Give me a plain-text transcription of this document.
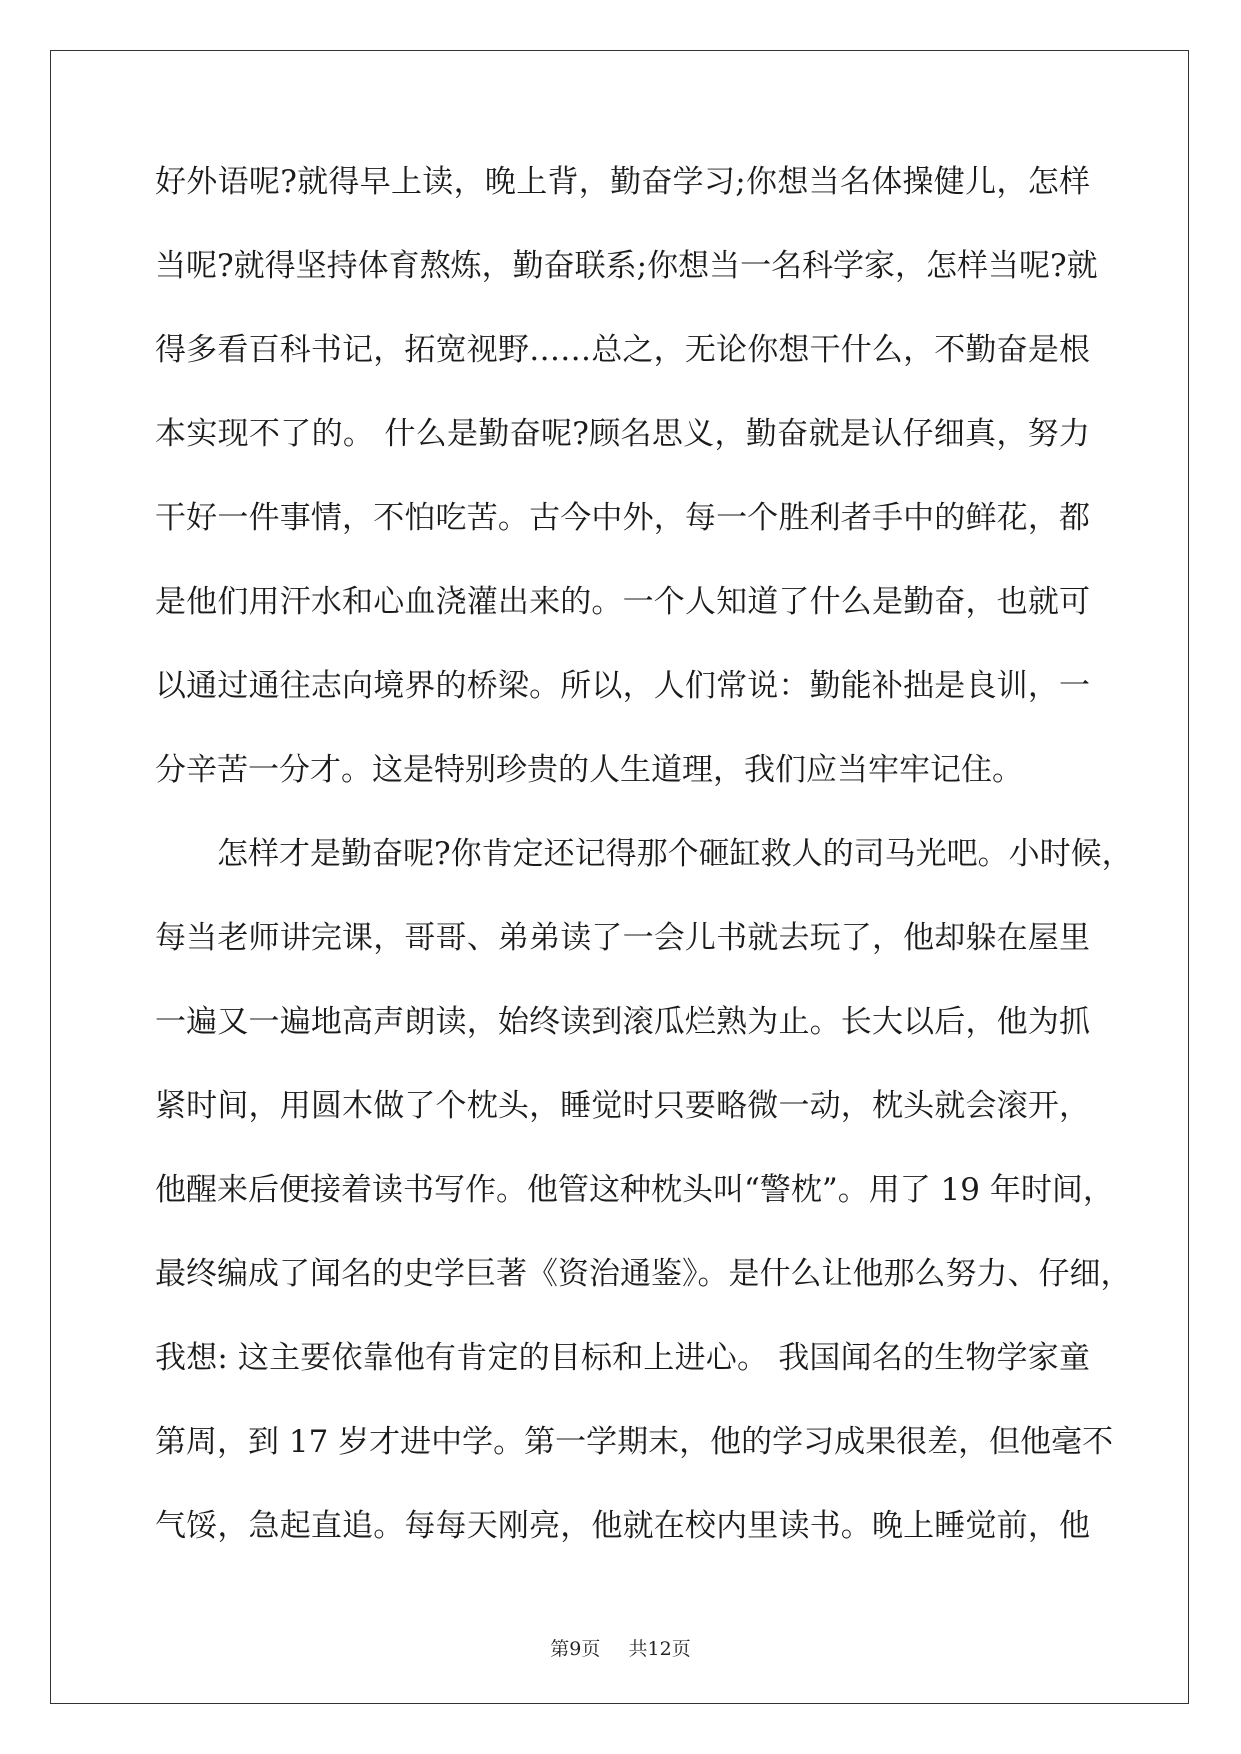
好外语呢?就得早上读，晚上背，勤奋学习;你想当名体操健儿，怎样
当呢?就得坚持体育熬炼，勤奋联系;你想当一名科学家，怎样当呢?就
得多看百科书记，拓宽视野……总之，无论你想干什么，不勤奋是根
本实现不了的。 什么是勤奋呢?顾名思义，勤奋就是认仔细真，努力
干好一件事情，不怕吃苦。古今中外，每一个胜利者手中的鲜花，都
是他们用汗水和心血浇灌出来的。一个人知道了什么是勤奋，也就可
以通过通往志向境界的桥梁。所以，人们常说：勤能补拙是良训，一
分辛苦一分才。这是特别珍贵的人生道理，我们应当牢牢记住。
　　怎样才是勤奋呢?你肯定还记得那个砸缸救人的司马光吧。小时候，
每当老师讲完课，哥哥、弟弟读了一会儿书就去玩了，他却躲在屋里
一遍又一遍地高声朗读，始终读到滚瓜烂熟为止。长大以后，他为抓
紧时间，用圆木做了个枕头，睡觉时只要略微一动，枕头就会滚开，
他醒来后便接着读书写作。他管这种枕头叫“警枕”。用了 19 年时间，
最终编成了闻名的史学巨著《资治通鉴》。是什么让他那么努力、仔细，
我想: 这主要依靠他有肯定的目标和上进心。 我国闻名的生物学家童
第周，到 17 岁才进中学。第一学期末，他的学习成果很差，但他毫不
气馁，急起直追。每每天刚亮，他就在校内里读书。晚上睡觉前，他
第9页 共12页
